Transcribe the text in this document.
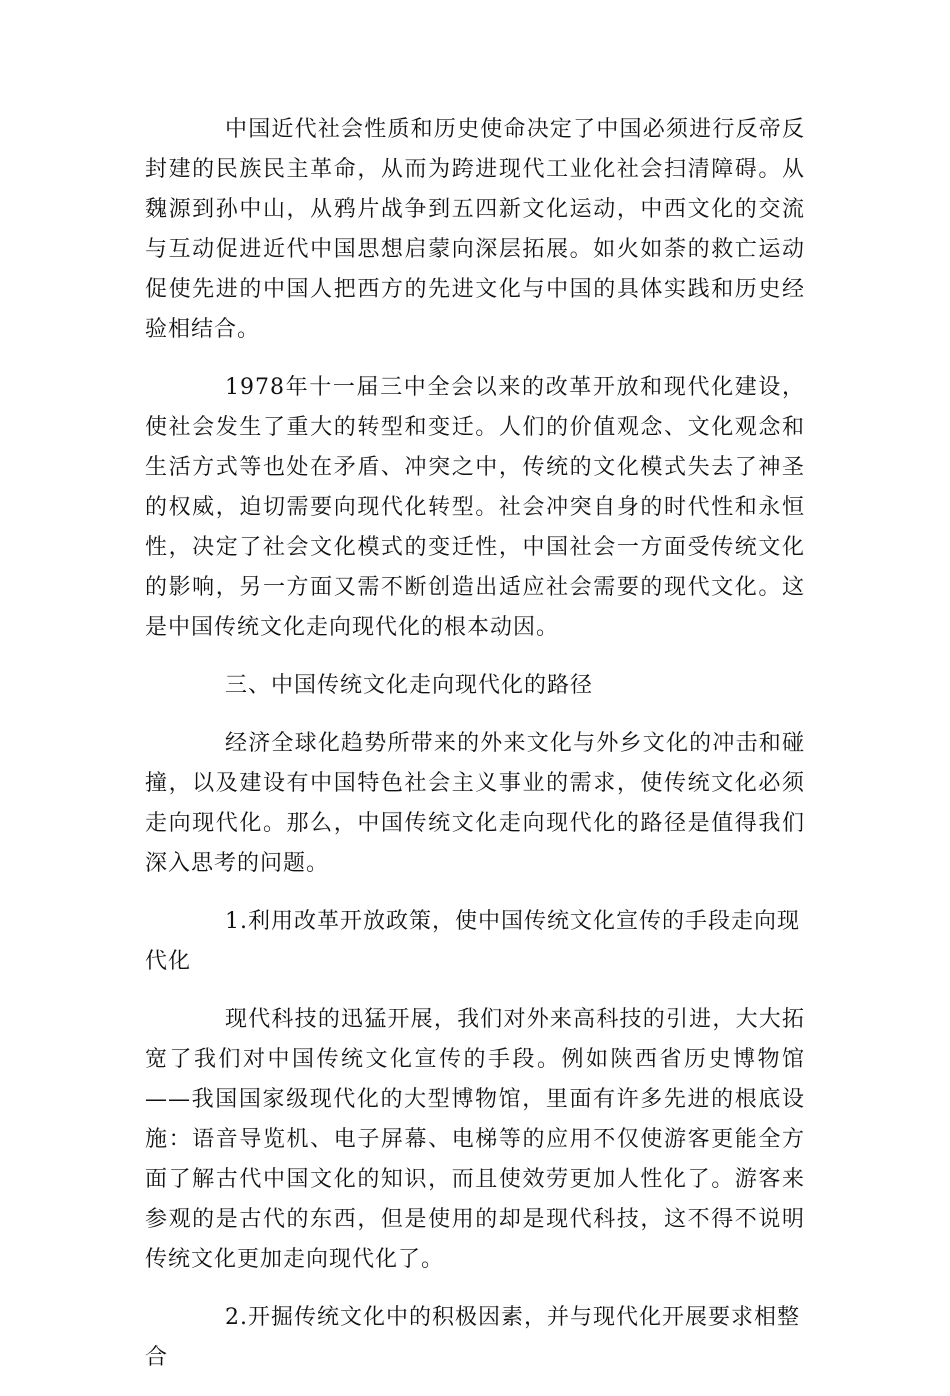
中国近代社会性质和历史使命决定了中国必须进行反帝反封建的民族民主革命，从而为跨进现代工业化社会扫清障碍。从魏源到孙中山，从鸦片战争到五四新文化运动，中西文化的交流与互动促进近代中国思想启蒙向深层拓展。如火如荼的救亡运动促使先进的中国人把西方的先进文化与中国的具体实践和历史经验相结合。

1978年十一届三中全会以来的改革开放和现代化建设，使社会发生了重大的转型和变迁。人们的价值观念、文化观念和生活方式等也处在矛盾、冲突之中，传统的文化模式失去了神圣的权威，迫切需要向现代化转型。社会冲突自身的时代性和永恒性，决定了社会文化模式的变迁性，中国社会一方面受传统文化的影响，另一方面又需不断创造出适应社会需要的现代文化。这是中国传统文化走向现代化的根本动因。

三、中国传统文化走向现代化的路径

经济全球化趋势所带来的外来文化与外乡文化的冲击和碰撞，以及建设有中国特色社会主义事业的需求，使传统文化必须走向现代化。那么，中国传统文化走向现代化的路径是值得我们深入思考的问题。

1.利用改革开放政策，使中国传统文化宣传的手段走向现代化

现代科技的迅猛开展，我们对外来高科技的引进，大大拓宽了我们对中国传统文化宣传的手段。例如陕西省历史博物馆——我国国家级现代化的大型博物馆，里面有许多先进的根底设施：语音导览机、电子屏幕、电梯等的应用不仅使游客更能全方面了解古代中国文化的知识，而且使效劳更加人性化了。游客来参观的是古代的东西，但是使用的却是现代科技，这不得不说明传统文化更加走向现代化了。

2.开掘传统文化中的积极因素，并与现代化开展要求相整合
